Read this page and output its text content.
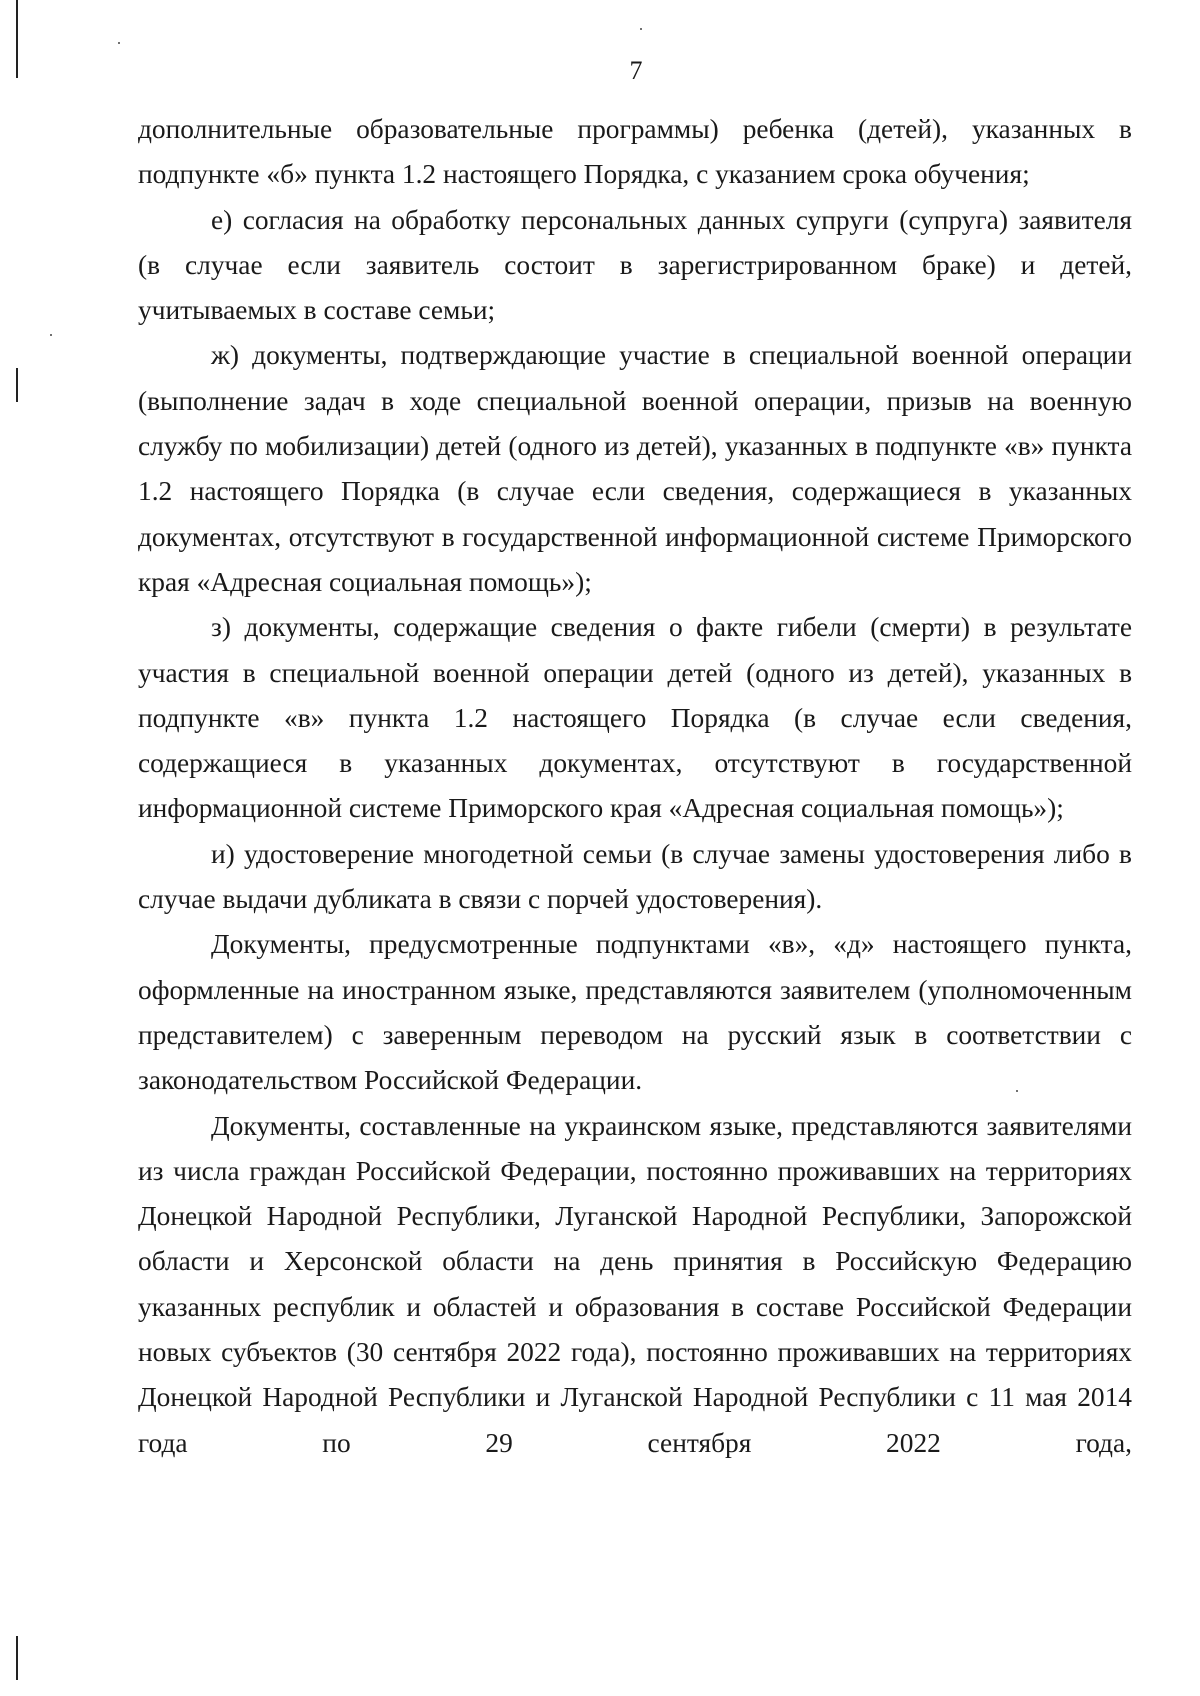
7

дополнительные образовательные программы) ребенка (детей), указанных в подпункте «б» пункта 1.2 настоящего Порядка, с указанием срока обучения;

е) согласия на обработку персональных данных супруги (супруга) заявителя (в случае если заявитель состоит в зарегистрированном браке) и детей, учитываемых в составе семьи;

ж) документы, подтверждающие участие в специальной военной операции (выполнение задач в ходе специальной военной операции, призыв на военную службу по мобилизации) детей (одного из детей), указанных в подпункте «в» пункта 1.2 настоящего Порядка (в случае если сведения, содержащиеся в указанных документах, отсутствуют в государственной информационной системе Приморского края «Адресная социальная помощь»);

з) документы, содержащие сведения о факте гибели (смерти) в результате участия в специальной военной операции детей (одного из детей), указанных в подпункте «в» пункта 1.2 настоящего Порядка (в случае если сведения, содержащиеся в указанных документах, отсутствуют в государственной информационной системе Приморского края «Адресная социальная помощь»);

и) удостоверение многодетной семьи (в случае замены удостоверения либо в случае выдачи дубликата в связи с порчей удостоверения).

Документы, предусмотренные подпунктами «в», «д» настоящего пункта, оформленные на иностранном языке, представляются заявителем (уполномоченным представителем) с заверенным переводом на русский язык в соответствии с законодательством Российской Федерации.

Документы, составленные на украинском языке, представляются заявителями из числа граждан Российской Федерации, постоянно проживавших на территориях Донецкой Народной Республики, Луганской Народной Республики, Запорожской области и Херсонской области на день принятия в Российскую Федерацию указанных республик и областей и образования в составе Российской Федерации новых субъектов (30 сентября 2022 года), постоянно проживавших на территориях Донецкой Народной Республики и Луганской Народной Республики с 11 мая 2014 года по 29 сентября 2022 года,
